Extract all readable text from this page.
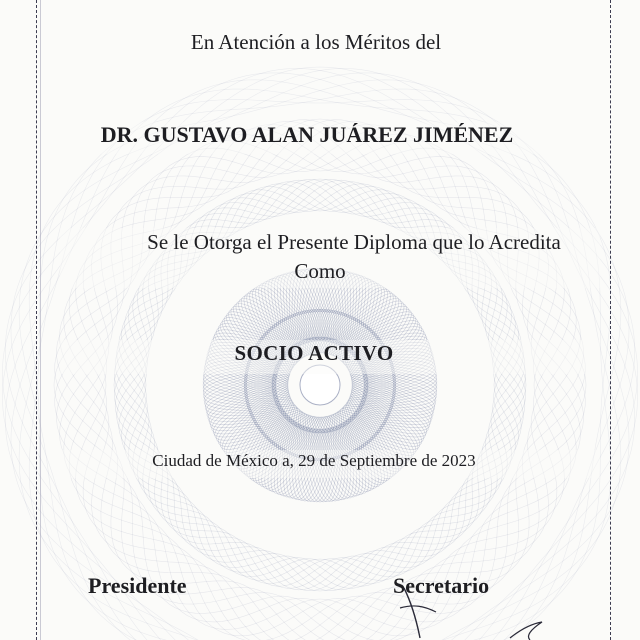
En Atención a los Méritos del
DR. GUSTAVO ALAN JUÁREZ JIMÉNEZ
Se le Otorga el Presente Diploma que lo Acredita
Como
SOCIO ACTIVO
Ciudad de México a, 29 de Septiembre de 2023
Presidente	Secretario
